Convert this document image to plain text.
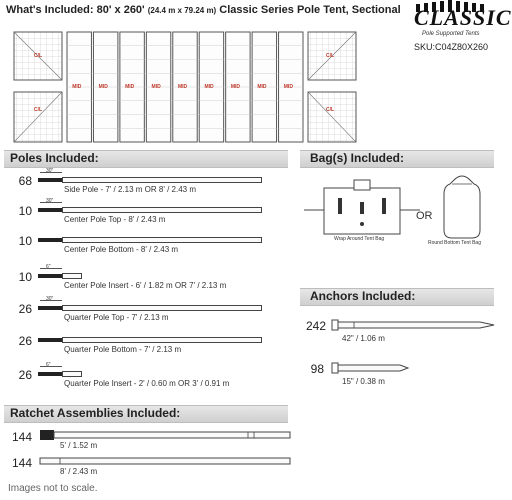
What's Included: 80' x 260' (24.4 m x 79.24 m) Classic Series Pole Tent, Sectional CLASSIC
Pole Supported Tents
SKU:C04Z80X260
MID	MID	MID	MID	MID	MID	MID	MID	MID
C/L
C/L
C/L
C/L
Poles Included:	Bag(s) Included:
68
30"
Side Pole - 7' / 2.13 m OR 8' / 2.43 m
10
30"
Center Pole Top - 8' / 2.43 m
10
Center Pole Bottom - 8' / 2.43 m
10
6"
Center Pole Insert - 6' / 1.82 m OR 7' / 2.13 m
26
30"
Quarter Pole Top - 7' / 2.13 m
26
Quarter Pole Bottom - 7' / 2.13 m
26
6"
Quarter Pole Insert - 2' / 0.60 m OR 3' / 0.91 m
Wrap Around Tent Bag
OR
Round Bottom Tent Bag
Anchors Included:
242
42" / 1.06 m
98
15" / 0.38 m
Ratchet Assemblies Included:
144
5' / 1.52 m
144
8' / 2.43 m
Images not to scale.
